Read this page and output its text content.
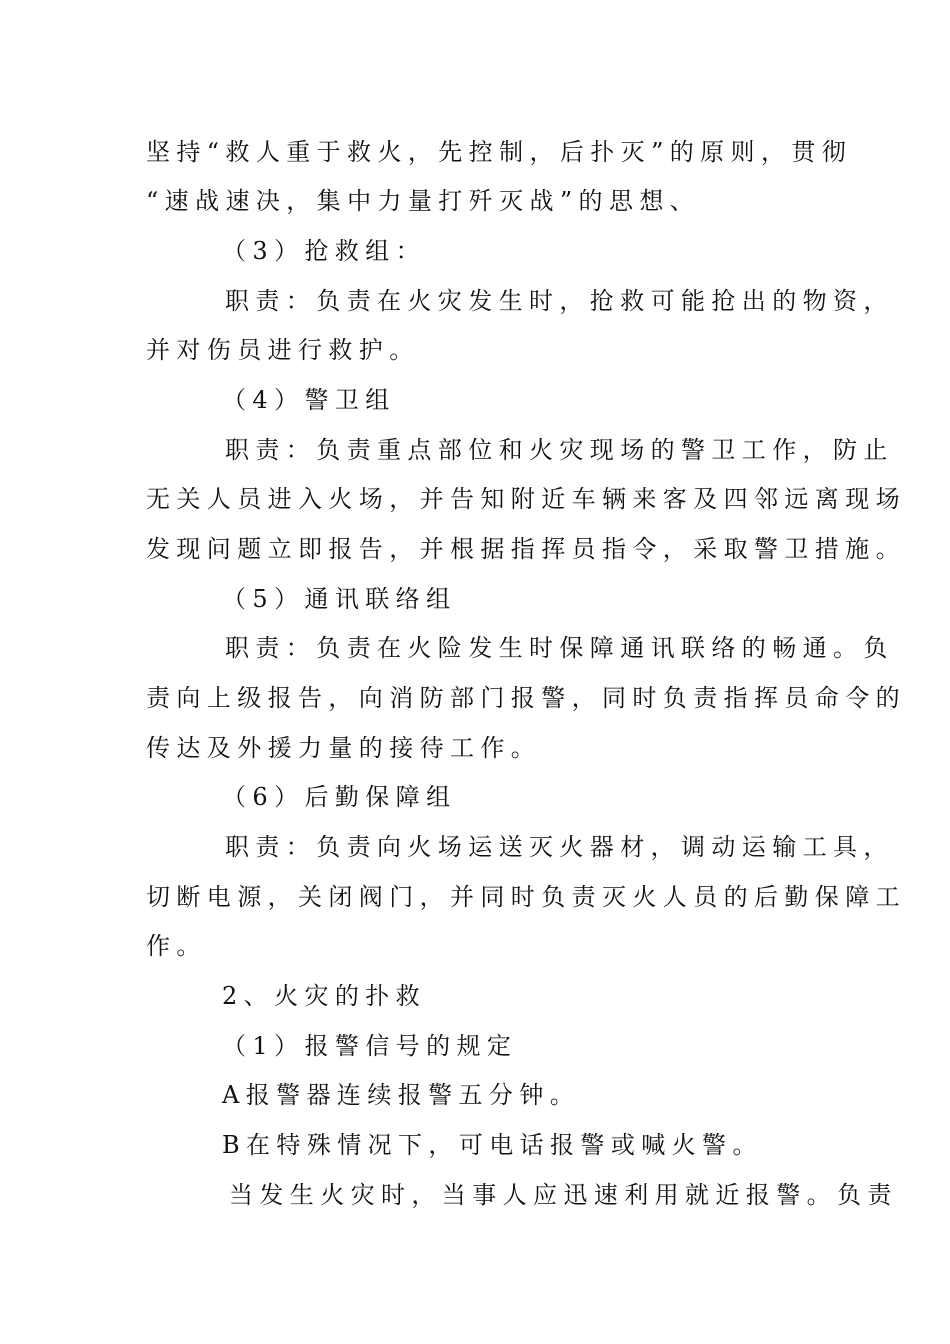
坚持“救人重于救火，先控制，后扑灭”的原则，贯彻
“速战速决，集中力量打歼灭战”的思想、
（3）抢救组：
职责：负责在火灾发生时，抢救可能抢出的物资，
并对伤员进行救护。
（4）警卫组
职责：负责重点部位和火灾现场的警卫工作，防止
无关人员进入火场，并告知附近车辆来客及四邻远离现场
发现问题立即报告，并根据指挥员指令，采取警卫措施。
（5）通讯联络组
职责：负责在火险发生时保障通讯联络的畅通。负
责向上级报告，向消防部门报警，同时负责指挥员命令的
传达及外援力量的接待工作。
（6）后勤保障组
职责：负责向火场运送灭火器材，调动运输工具，
切断电源，关闭阀门，并同时负责灭火人员的后勤保障工
作。
2、火灾的扑救
（1）报警信号的规定
A报警器连续报警五分钟。
B在特殊情况下，可电话报警或喊火警。
当发生火灾时，当事人应迅速利用就近报警。负责
